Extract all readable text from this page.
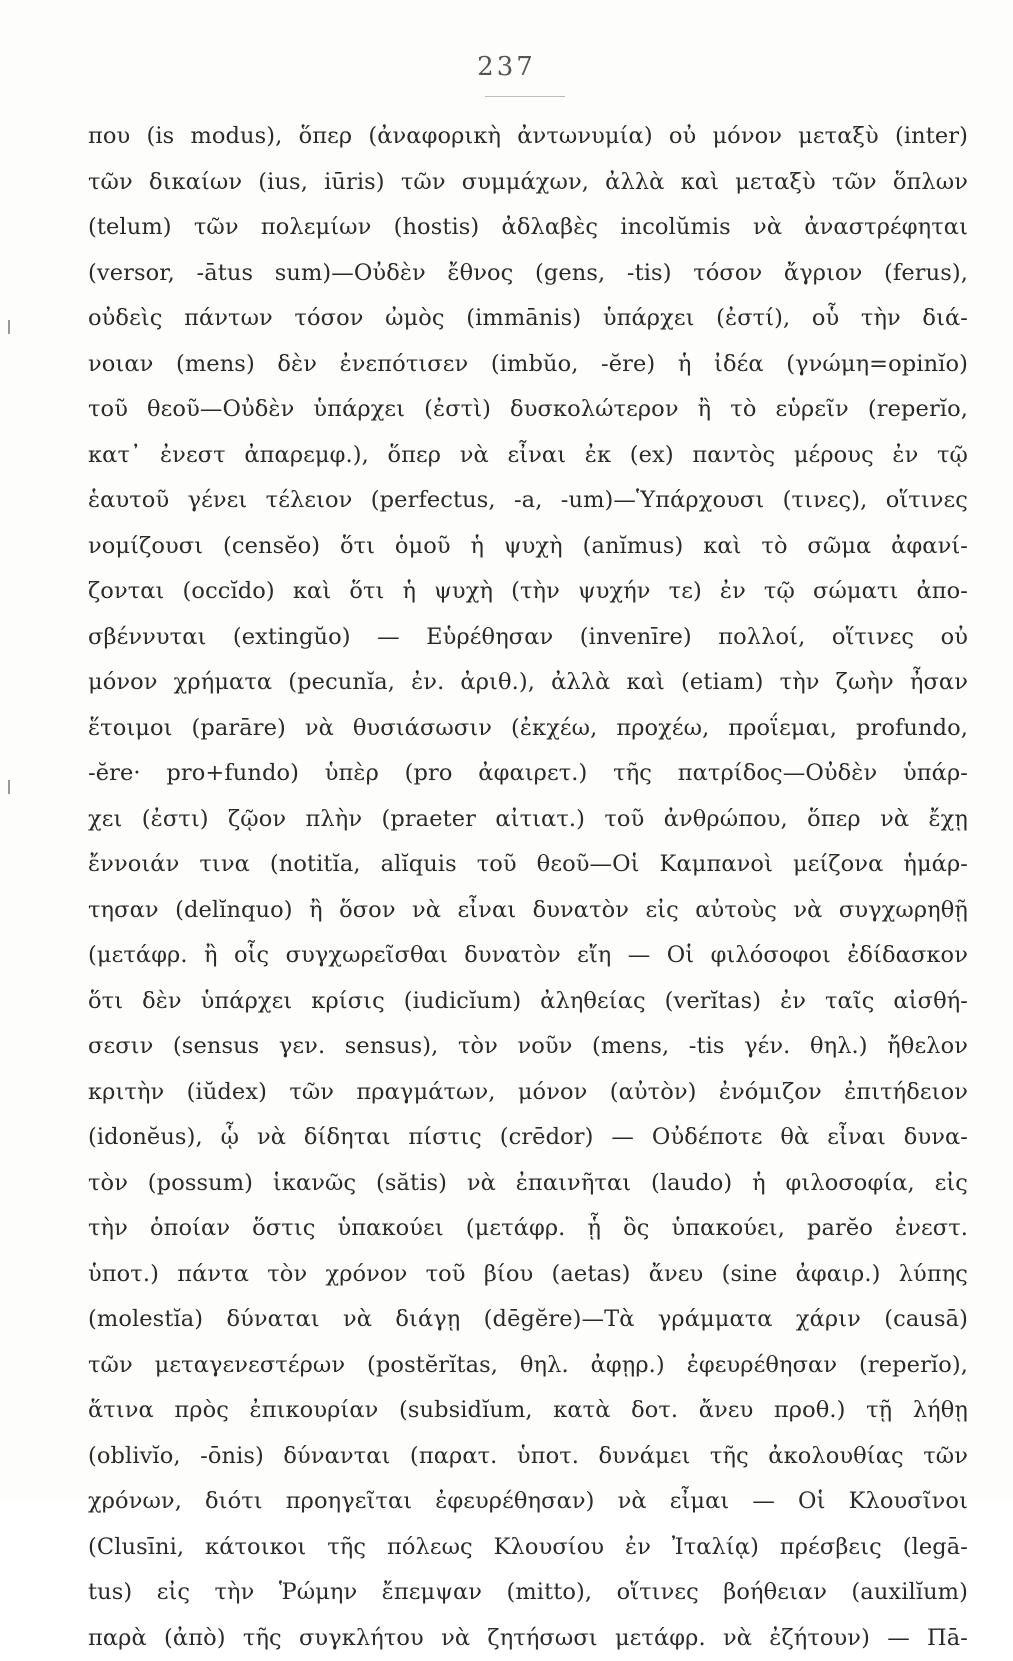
237
που (is modus), ὅπερ (ἀναφορικὴ ἀντωνυμία) οὐ μόνον μεταξὺ (inter)
τῶν δικαίων (ius, iūris) τῶν συμμάχων, ἀλλὰ καὶ μεταξὺ τῶν ὅπλων
(telum) τῶν πολεμίων (hostis) ἀδλαβὲς incolŭmis νὰ ἀναστρέφηται
(versor, -ātus sum)—Οὐδὲν ἔθνος (gens, -tis) τόσον ἄγριον (ferus),
οὐδεὶς πάντων τόσον ὠμὸς (immānis) ὑπάρχει (ἐστί), οὗ τὴν διά-
νοιαν (mens) δὲν ἐνεπότισεν (imbŭo, -ĕre) ἡ ἰδέα (γνώμη=opinĭo)
τοῦ θεοῦ—Οὐδὲν ὑπάρχει (ἐστὶ) δυσκολώτερον ἢ τὸ εὑρεῖν (reperĭo,
κατ᾽ ἐνεστ ἀπαρεμφ.), ὅπερ νὰ εἶναι ἐκ (ex) παντὸς μέρους ἐν τῷ
ἑαυτοῦ γένει τέλειον (perfectus, -a, -um)—Ὑπάρχουσι (τινες), οἵτινες
νομίζουσι (censĕo) ὅτι ὁμοῦ ἡ ψυχὴ (anĭmus) καὶ τὸ σῶμα ἀφανί-
ζονται (occĭdo) καὶ ὅτι ἡ ψυχὴ (τὴν ψυχήν τε) ἐν τῷ σώματι ἀπο-
σβέννυται (extingŭo) — Εὑρέθησαν (invenīre) πολλοί, οἵτινες οὐ
μόνον χρήματα (pecunĭa, ἐν. ἀριθ.), ἀλλὰ καὶ (etiam) τὴν ζωὴν ἦσαν
ἕτοιμοι (parāre) νὰ θυσιάσωσιν (ἐκχέω, προχέω, προΐεμαι, profundo,
-ĕre· pro+fundo) ὑπὲρ (pro ἀφαιρετ.) τῆς πατρίδος—Οὐδὲν ὑπάρ-
χει (ἐστι) ζῷον πλὴν (praeter αἰτιατ.) τοῦ ἀνθρώπου, ὅπερ νὰ ἔχῃ
ἔννοιάν τινα (notitĭa, alĭquis τοῦ θεοῦ—Οἱ Καμπανοὶ μείζονα ἡμάρ-
τησαν (delĭnquo) ἢ ὅσον νὰ εἶναι δυνατὸν εἰς αὐτοὺς νὰ συγχωρηθῇ
(μετάφρ. ἢ οἷς συγχωρεῖσθαι δυνατὸν εἴη — Οἱ φιλόσοφοι ἐδίδασκον
ὅτι δὲν ὑπάρχει κρίσις (iudicĭum) ἀληθείας (verĭtas) ἐν ταῖς αἰσθή-
σεσιν (sensus γεν. sensus), τὸν νοῦν (mens, -tis γέν. θηλ.) ἤθελον
κριτὴν (iŭdex) τῶν πραγμάτων, μόνον (αὐτὸν) ἐνόμιζον ἐπιτήδειον
(idonĕus), ᾧ νὰ δίδηται πίστις (crēdor) — Οὐδέποτε θὰ εἶναι δυνα-
τὸν (possum) ἱκανῶς (sătis) νὰ ἐπαινῆται (laudo) ἡ φιλοσοφία, εἰς
τὴν ὁποίαν ὅστις ὑπακούει (μετάφρ. ᾗ ὃς ὑπακούει, parĕo ἐνεστ.
ὑποτ.) πάντα τὸν χρόνον τοῦ βίου (aetas) ἄνευ (sine ἀφαιρ.) λύπης
(molestĭa) δύναται νὰ διάγῃ (dēgĕre)—Τὰ γράμματα χάριν (causā)
τῶν μεταγενεστέρων (postĕrĭtas, θηλ. ἀφῃρ.) ἐφευρέθησαν (reperĭo),
ἅτινα πρὸς ἐπικουρίαν (subsidĭum, κατὰ δοτ. ἄνευ προθ.) τῇ λήθῃ
(oblivĭo, -ōnis) δύνανται (παρατ. ὑποτ. δυνάμει τῆς ἀκολουθίας τῶν
χρόνων, διότι προηγεῖται ἐφευρέθησαν) νὰ εἶμαι — Οἱ Κλουσῖνοι
(Clusīni, κάτοικοι τῆς πόλεως Κλουσίου ἐν Ἰταλίᾳ) πρέσβεις (legā-
tus) εἰς τὴν Ῥώμην ἔπεμψαν (mitto), οἵτινες βοήθειαν (auxilĭum)
παρὰ (ἀπὸ) τῆς συγκλήτου νὰ ζητήσωσι μετάφρ. νὰ ἐζήτουν) — Πā-
